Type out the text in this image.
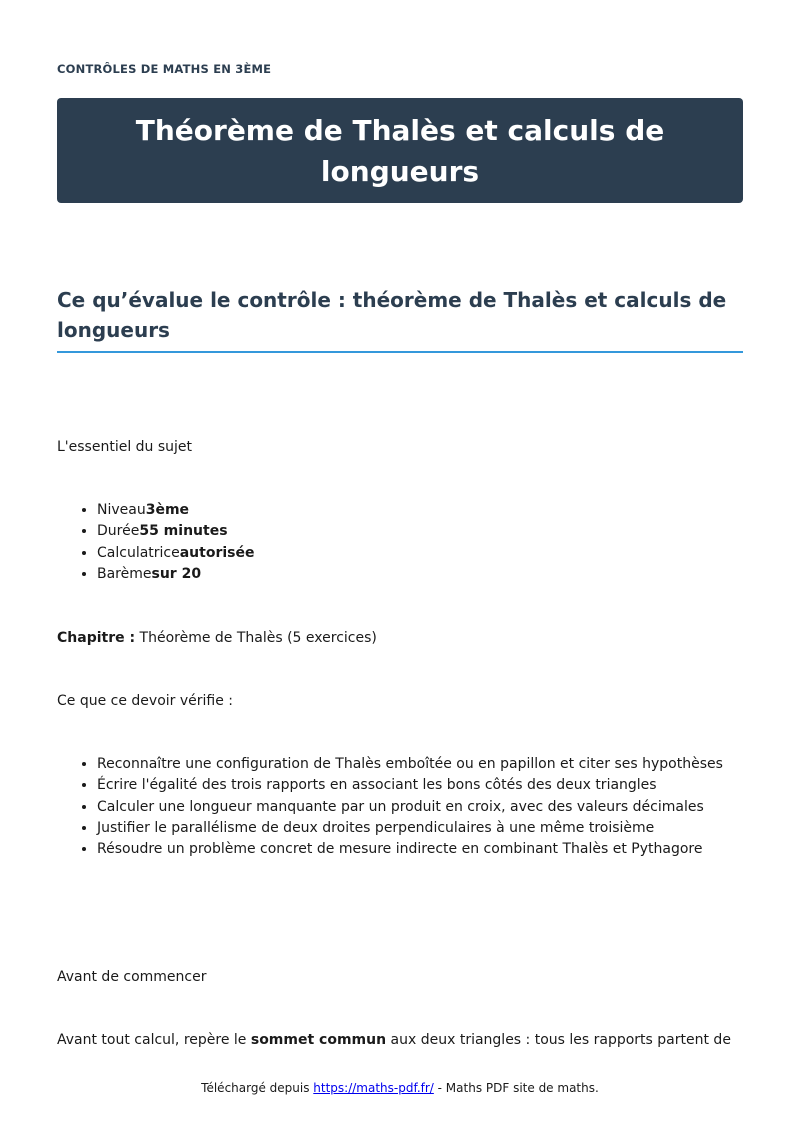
CONTRÔLES DE MATHS EN 3ÈME
Théorème de Thalès et calculs de longueurs
Ce qu’évalue le contrôle : théorème de Thalès et calculs de longueurs

L'essentiel du sujet

• Niveau3ème
• Durée55 minutes
• Calculatriceautorisée
• Barèmesur 20

Chapitre : Théorème de Thalès (5 exercices)

Ce que ce devoir vérifie :

• Reconnaître une configuration de Thalès emboîtée ou en papillon et citer ses hypothèses
• Écrire l'égalité des trois rapports en associant les bons côtés des deux triangles
• Calculer une longueur manquante par un produit en croix, avec des valeurs décimales
• Justifier le parallélisme de deux droites perpendiculaires à une même troisième
• Résoudre un problème concret de mesure indirecte en combinant Thalès et Pythagore

Avant de commencer

Avant tout calcul, repère le sommet commun aux deux triangles : tous les rapports partent de

Téléchargé depuis https://maths-pdf.fr/ - Maths PDF site de maths.
